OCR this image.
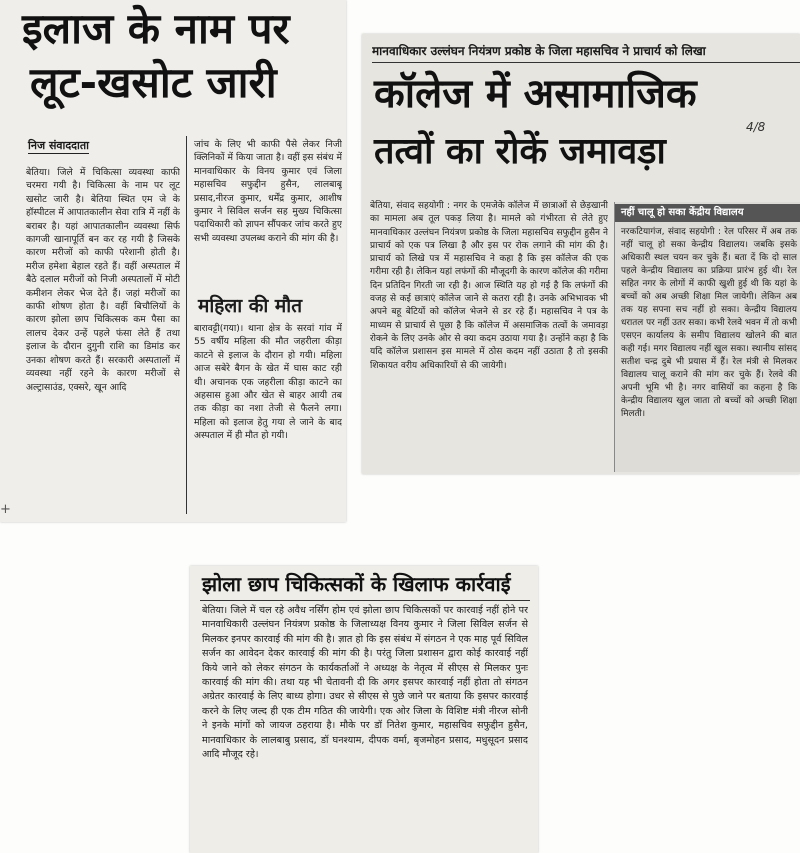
इलाज के नाम पर
लूट-खसोट जारी
निज संवाददाता
बेतिया। जिले में चिकित्सा व्यवस्था काफी चरमरा गयी है। चिकित्सा के नाम पर लूट खसोट जारी है। बेतिया स्थित एम जे के हॉस्पीटल में आपातकालीन सेवा रात्रि में नहीं के बराबर है। यहां आपातकालीन व्यवस्था सिर्फ कागजी खानापूर्ति बन कर रह गयी है जिसके कारण मरीजों को काफी परेशानी होती है। मरीज हमेशा बेहाल रहते हैं। वहीं अस्पताल में बैठे दलाल मरीजों को निजी अस्पतालों में मोटी कमीशन लेकर भेज देते हैं। जहां मरीजों का काफी शोषण होता है। वहीं बिचौलियों के कारण झोला छाप चिकित्सक कम पैसा का लालच देकर उन्हें पहले फंसा लेते हैं तथा इलाज के दौरान दुगुनी राशि का डिमांड कर उनका शोषण करते हैं। सरकारी अस्पतालों में व्यवस्था नहीं रहने के कारण मरीजों से अल्ट्रासाउंड, एक्सरे, खून आदि
जांच के लिए भी काफी पैसे लेकर निजी क्लिनिकों में किया जाता है। वहीं इस संबंध में मानवाधिकार के विनय कुमार एवं जिला महासचिव सफुद्दीन हुसैन, लालबाबू प्रसाद,नीरज कुमार, धर्मेंद्र कुमार, आशीष कुमार ने सिविल सर्जन सह मुख्य चिकित्सा पदाधिकारी को ज्ञापन सौंपकर जांच करते हुए सभी व्यवस्था उपलब्ध कराने की मांग की है।
महिला की मौत
बारावट्टी(गया)। थाना क्षेत्र के सरवां गांव में 55 वर्षीय महिला की मौत जहरीला कीड़ा काटने से इलाज के दौरान हो गयी। महिला आज सबेरे बैगन के खेत में घास काट रही थी। अचानक एक जहरीला कीड़ा काटने का अहसास हुआ और खेत से बाहर आयी तब तक कीड़ा का नशा तेजी से फैलने लगा। महिला को इलाज हेतु गया ले जाने के बाद अस्पताल में ही मौत हो गयी।
+
मानवाधिकार उल्लंघन नियंत्रण प्रकोष्ठ के जिला महासचिव ने प्राचार्य को लिखा
कॉलेज में असामाजिक
तत्वों का रोकें जमावड़ा
4/8
बेतिया, संवाद सहयोगी : नगर के एमजेके कॉलेज में छात्राओं से छेड़खानी का मामला अब तूल पकड़ लिया है। मामले को गंभीरता से लेते हुए मानवाधिकार उल्लंघन नियंत्रण प्रकोष्ठ के जिला महासचिव सफुद्दीन हुसैन ने प्राचार्य को एक पत्र लिखा है और इस पर रोक लगाने की मांग की है। प्राचार्य को लिखे पत्र में महासचिव ने कहा है कि इस कॉलेज की एक गरीमा रही है। लेकिन यहां लफंगों की मौजूदगी के कारण कॉलेज की गरीमा दिन प्रतिदिन गिरती जा रही है। आज स्थिति यह हो गई है कि लफंगों की वजह से कई छात्राएं कॉलेज जाने से कतरा रही है। उनके अभिभावक भी अपने बहू बेटियों को कॉलेज भेजने से डर रहे हैं। महासचिव ने पत्र के माध्यम से प्राचार्य से पूछा है कि कॉलेज में असमाजिक तत्वों के जमावड़ा रोकने के लिए उनके ओर से क्या कदम उठाया गया है। उन्होंने कहा है कि यदि कॉलेज प्रशासन इस मामले में ठोस कदम नहीं उठाता है तो इसकी शिकायत वरीय अधिकारियों से की जायेगी।
नहीं चालू हो सका केंद्रीय विद्यालय
नरकटियागंज, संवाद सहयोगी : रेल परिसर में अब तक नहीं चालू हो सका केन्द्रीय विद्यालय। जबकि इसके अधिकारी स्थल चयन कर चुके हैं। बता दें कि दो साल पहले केन्द्रीय विद्यालय का प्रक्रिया प्रारंभ हुई थी। रेल सहित नगर के लोगों में काफी खुशी हुई थी कि यहां के बच्चों को अब अच्छी शिक्षा मिल जायेगी। लेकिन अब तक यह सपना सच नहीं हो सका। केन्द्रीय विद्यालय धरातल पर नहीं उतर सका। कभी रेलवे भवन में तो कभी एसएन कार्यालय के समीप विद्यालय खोलने की बात कही गई। मगर विद्यालय नहीं खुल सका। स्थानीय सांसद सतीश चन्द्र दुबे भी प्रयास में हैं। रेल मंत्री से मिलकर विद्यालय चालू कराने की मांग कर चुके हैं। रेलवे की अपनी भूमि भी है। नगर वासियों का कहना है कि केन्द्रीय विद्यालय खुल जाता तो बच्चों को अच्छी शिक्षा मिलती।
झोला छाप चिकित्सकों के खिलाफ कार्रवाई
बेतिया। जिले में चल रहे अवैध नर्सिंग होम एवं झोला छाप चिकित्सकों पर कारवाई नहीं होने पर मानवाधिकारी उल्लंघन नियंत्रण प्रकोष्ठ के जिलाध्यक्ष विनय कुमार ने जिला सिविल सर्जन से मिलकर इनपर कारवाई की मांग की है। ज्ञात हो कि इस संबंध में संगठन ने एक माह पूर्व सिविल सर्जन का आवेदन देकर कारवाई की मांग की है। परंतु जिला प्रशासन द्वारा कोई कारवाई नहीं किये जाने को लेकर संगठन के कार्यकर्ताओं ने अध्यक्ष के नेतृत्व में सीएस से मिलकर पुनः कारवाई की मांग की। तथा यह भी चेतावनी दी कि अगर इसपर कारवाई नहीं होता तो संगठन अग्रेतर कारवाई के लिए बाध्य होगा। उधर से सीएस से पुछे जाने पर बताया कि इसपर कारवाई करने के लिए जल्द ही एक टीम गठित की जायेगी। एक ओर जिला के विशिष्ट मंत्री नीरज सोनी ने इनके मांगों को जायज ठहराया है। मौके पर डॉ नितेश कुमार, महासचिव सफुद्दीन हुसैन, मानवाधिकार के लालबाबु प्रसाद, डॉ घनश्याम, दीपक वर्मा, बृजमोहन प्रसाद, मधुसूदन प्रसाद आदि मौजूद रहे।
